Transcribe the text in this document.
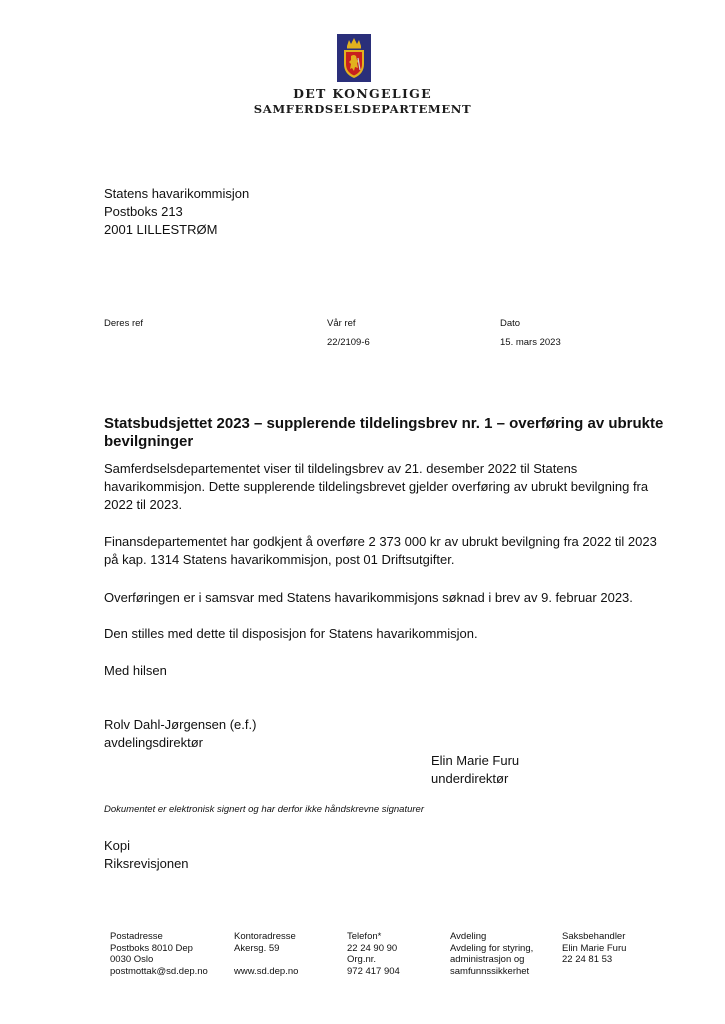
DET KONGELIGE
SAMFERDSELSDEPARTEMENT
Statens havarikommisjon
Postboks 213
2001 LILLESTRØM
Deres ref	Vår ref
22/2109-6
Dato
15. mars 2023
Statsbudsjettet 2023 – supplerende tildelingsbrev nr. 1 – overføring av ubrukte bevilgninger
Samferdselsdepartementet viser til tildelingsbrev av 21. desember 2022 til Statens havarikommisjon. Dette supplerende tildelingsbrevet gjelder overføring av ubrukt bevilgning fra 2022 til 2023.
Finansdepartementet har godkjent å overføre 2 373 000 kr av ubrukt bevilgning fra 2022 til 2023 på kap. 1314 Statens havarikommisjon, post 01 Driftsutgifter.
Overføringen er i samsvar med Statens havarikommisjons søknad i brev av 9. februar 2023.
Den stilles med dette til disposisjon for Statens havarikommisjon.
Med hilsen
Rolv Dahl-Jørgensen (e.f.)
avdelingsdirektør
Elin Marie Furu
underdirektør
Dokumentet er elektronisk signert og har derfor ikke håndskrevne signaturer
Kopi
Riksrevisjonen
Postadresse
Postboks 8010 Dep
0030 Oslo
postmottak@sd.dep.no
Kontoradresse
Akersg. 59
www.sd.dep.no
Telefon*
22 24 90 90
Org.nr.
972 417 904
Avdeling
Avdeling for styring,
administrasjon og
samfunnssikkerhet
Saksbehandler
Elin Marie Furu
22 24 81 53
